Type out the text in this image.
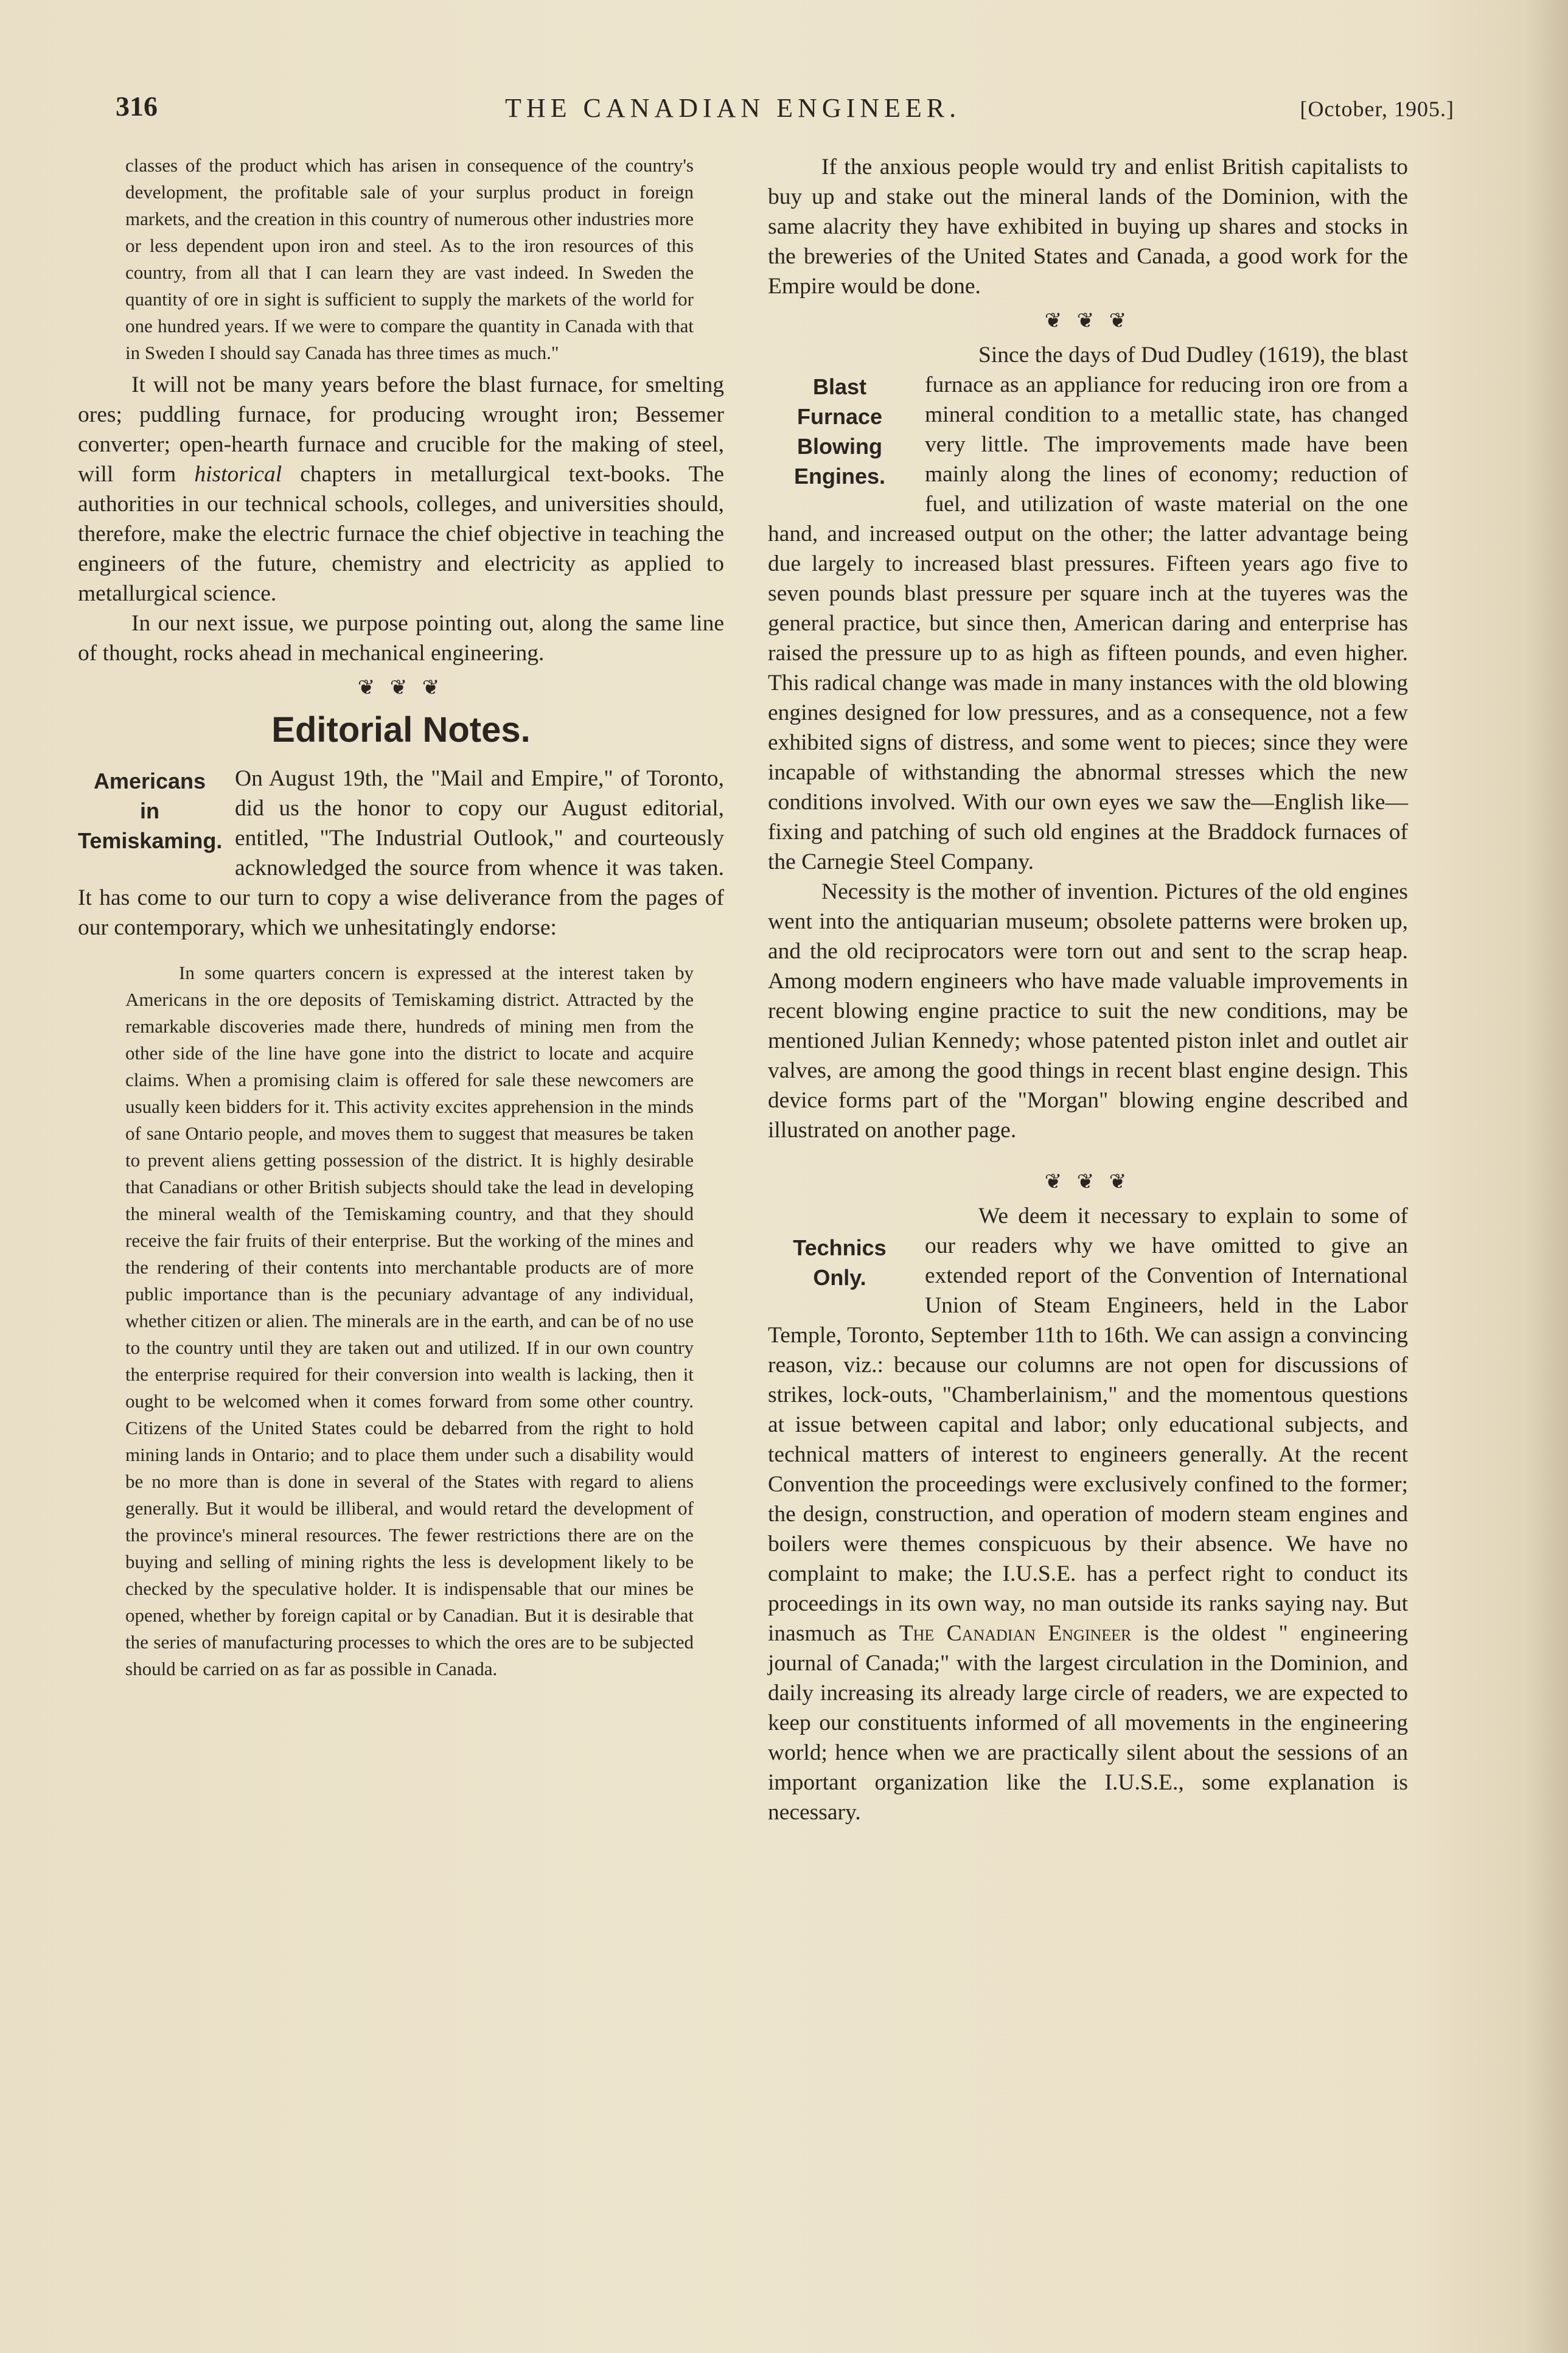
316	THE CANADIAN ENGINEER.	[October, 1905.]

classes of the product which has arisen in consequence of the country's development, the profitable sale of your surplus product in foreign markets, and the creation in this country of numerous other industries more or less dependent upon iron and steel. As to the iron resources of this country, from all that I can learn they are vast indeed. In Sweden the quantity of ore in sight is sufficient to supply the markets of the world for one hundred years. If we were to compare the quantity in Canada with that in Sweden I should say Canada has three times as much."

It will not be many years before the blast furnace, for smelting ores; puddling furnace, for producing wrought iron; Bessemer converter; open-hearth furnace and crucible for the making of steel, will form historical chapters in metallurgical text-books. The authorities in our technical schools, colleges, and universities should, therefore, make the electric furnace the chief objective in teaching the engineers of the future, chemistry and electricity as applied to metallurgical science.

In our next issue, we purpose pointing out, along the same line of thought, rocks ahead in mechanical engineering.

❦ ❦ ❦
Editorial Notes.
Americans
in
Temiskaming.

On August 19th, the "Mail and Empire," of Toronto, did us the honor to copy our August editorial, entitled, "The Industrial Outlook," and courteously acknowledged the source from whence it was taken. It has come to our turn to copy a wise deliverance from the pages of our contemporary, which we unhesitatingly endorse:

In some quarters concern is expressed at the interest taken by Americans in the ore deposits of Temiskaming district. Attracted by the remarkable discoveries made there, hundreds of mining men from the other side of the line have gone into the district to locate and acquire claims. When a promising claim is offered for sale these newcomers are usually keen bidders for it. This activity excites apprehension in the minds of sane Ontario people, and moves them to suggest that measures be taken to prevent aliens getting possession of the district. It is highly desirable that Canadians or other British subjects should take the lead in developing the mineral wealth of the Temiskaming country, and that they should receive the fair fruits of their enterprise. But the working of the mines and the rendering of their contents into merchantable products are of more public importance than is the pecuniary advantage of any individual, whether citizen or alien. The minerals are in the earth, and can be of no use to the country until they are taken out and utilized. If in our own country the enterprise required for their conversion into wealth is lacking, then it ought to be welcomed when it comes forward from some other country. Citizens of the United States could be debarred from the right to hold mining lands in Ontario; and to place them under such a disability would be no more than is done in several of the States with regard to aliens generally. But it would be illiberal, and would retard the development of the province's mineral resources. The fewer restrictions there are on the buying and selling of mining rights the less is development likely to be checked by the speculative holder. It is indispensable that our mines be opened, whether by foreign capital or by Canadian. But it is desirable that the series of manufacturing processes to which the ores are to be subjected should be carried on as far as possible in Canada.

If the anxious people would try and enlist British capitalists to buy up and stake out the mineral lands of the Dominion, with the same alacrity they have exhibited in buying up shares and stocks in the breweries of the United States and Canada, a good work for the Empire would be done.

❦ ❦ ❦
Blast
Furnace
Blowing
Engines.

Since the days of Dud Dudley (1619), the blast furnace as an appliance for reducing iron ore from a mineral condition to a metallic state, has changed very little. The improvements made have been mainly along the lines of economy; reduction of fuel, and utilization of waste material on the one hand, and increased output on the other; the latter advantage being due largely to increased blast pressures. Fifteen years ago five to seven pounds blast pressure per square inch at the tuyeres was the general practice, but since then, American daring and enterprise has raised the pressure up to as high as fifteen pounds, and even higher. This radical change was made in many instances with the old blowing engines designed for low pressures, and as a consequence, not a few exhibited signs of distress, and some went to pieces; since they were incapable of withstanding the abnormal stresses which the new conditions involved. With our own eyes we saw the—English like—fixing and patching of such old engines at the Braddock furnaces of the Carnegie Steel Company.

Necessity is the mother of invention. Pictures of the old engines went into the antiquarian museum; obsolete patterns were broken up, and the old reciprocators were torn out and sent to the scrap heap. Among modern engineers who have made valuable improvements in recent blowing engine practice to suit the new conditions, may be mentioned Julian Kennedy; whose patented piston inlet and outlet air valves, are among the good things in recent blast engine design. This device forms part of the "Morgan" blowing engine described and illustrated on another page.

❦ ❦ ❦
Technics
Only.

We deem it necessary to explain to some of our readers why we have omitted to give an extended report of the Convention of International Union of Steam Engineers, held in the Labor Temple, Toronto, September 11th to 16th. We can assign a convincing reason, viz.: because our columns are not open for discussions of strikes, lock-outs, "Chamberlainism," and the momentous questions at issue between capital and labor; only educational subjects, and technical matters of interest to engineers generally. At the recent Convention the proceedings were exclusively confined to the former; the design, construction, and operation of modern steam engines and boilers were themes conspicuous by their absence. We have no complaint to make; the I.U.S.E. has a perfect right to conduct its proceedings in its own way, no man outside its ranks saying nay. But inasmuch as The Canadian Engineer is the oldest " engineering journal of Canada;" with the largest circulation in the Dominion, and daily increasing its already large circle of readers, we are expected to keep our constituents informed of all movements in the engineering world; hence when we are practically silent about the sessions of an important organization like the I.U.S.E., some explanation is necessary.
